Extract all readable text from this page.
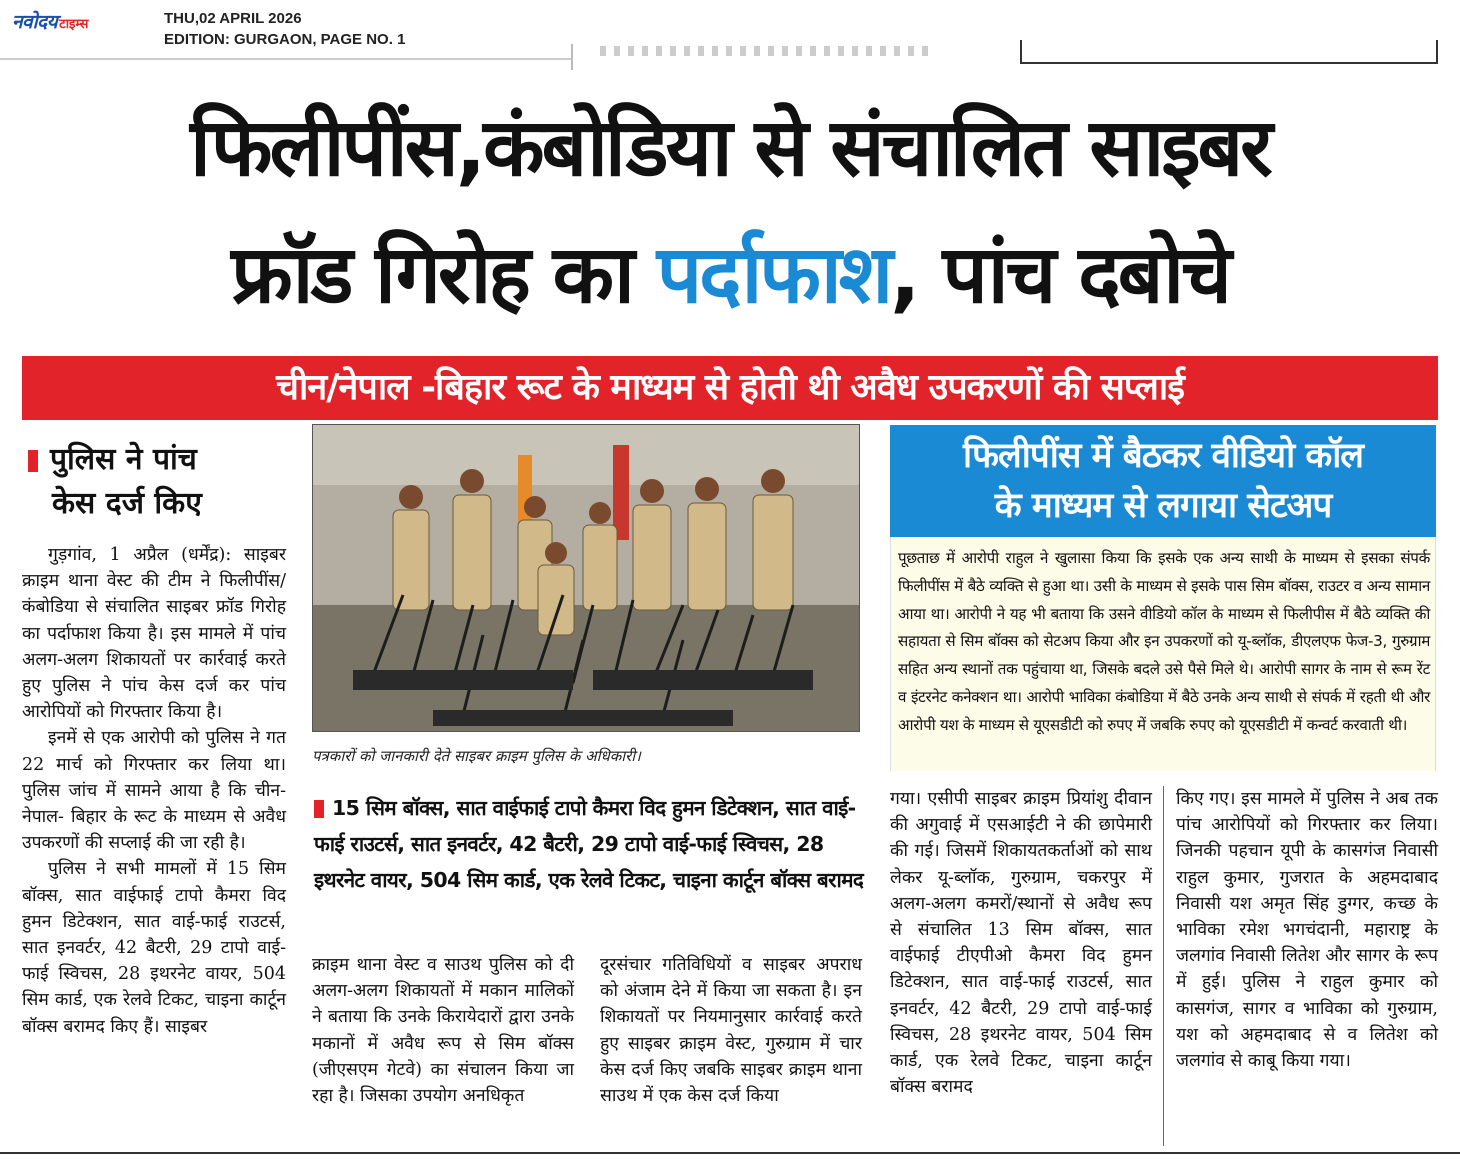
नवोदय टाइम्स	THU,02 APRIL 2026
EDITION: GURGAON, PAGE NO. 1
फिलीपींस,कंबोडिया से संचालित साइबर
फ्रॉड गिरोह का पर्दाफाश, पांच दबोचे
चीन/नेपाल -बिहार रूट के माध्यम से होती थी अवैध उपकरणों की सप्लाई
पुलिस ने पांच
केस दर्ज किए

गुड़गांव, 1 अप्रैल (धर्मेंद्र): साइबर क्राइम थाना वेस्ट की टीम ने फिलीपींस/कंबोडिया से संचालित साइबर फ्रॉड गिरोह का पर्दाफाश किया है। इस मामले में पांच अलग-अलग शिकायतों पर कार्रवाई करते हुए पुलिस ने पांच केस दर्ज कर पांच आरोपियों को गिरफ्तार किया है।

इनमें से एक आरोपी को पुलिस ने गत 22 मार्च को गिरफ्तार कर लिया था। पुलिस जांच में सामने आया है कि चीन-नेपाल- बिहार के रूट के माध्यम से अवैध उपकरणों की सप्लाई की जा रही है।

पुलिस ने सभी मामलों में 15 सिम बॉक्स, सात वाईफाई टापो कैमरा विद हुमन डिटेक्शन, सात वाई-फाई राउटर्स, सात इनवर्टर, 42 बैटरी, 29 टापो वाई-फाई स्विचस, 28 इथरनेट वायर, 504 सिम कार्ड, एक रेलवे टिकट, चाइना कार्टून बॉक्स बरामद किए हैं। साइबर

पत्रकारों को जानकारी देते साइबर क्राइम पुलिस के अधिकारी।
15 सिम बॉक्स, सात वाईफाई टापो कैमरा विद हुमन डिटेक्शन, सात वाई-फाई राउटर्स, सात इनवर्टर, 42 बैटरी, 29 टापो वाई-फाई स्विचस, 28 इथरनेट वायर, 504 सिम कार्ड, एक रेलवे टिकट, चाइना कार्टून बॉक्स बरामद
क्राइम थाना वेस्ट व साउथ पुलिस को दी अलग-अलग शिकायतों में मकान मालिकों ने बताया कि उनके किरायेदारों द्वारा उनके मकानों में अवैध रूप से सिम बॉक्स (जीएसएम गेटवे) का संचालन किया जा रहा है। जिसका उपयोग अनधिकृत
दूरसंचार गतिविधियों व साइबर अपराध को अंजाम देने में किया जा सकता है। इन शिकायतों पर नियमानुसार कार्रवाई करते हुए साइबर क्राइम वेस्ट, गुरुग्राम में चार केस दर्ज किए जबकि साइबर क्राइम थाना साउथ में एक केस दर्ज किया
फिलीपींस में बैठकर वीडियो कॉल
के माध्यम से लगाया सेटअप
पूछताछ में आरोपी राहुल ने खुलासा किया कि इसके एक अन्य साथी के माध्यम से इसका संपर्क फिलीपींस में बैठे व्यक्ति से हुआ था। उसी के माध्यम से इसके पास सिम बॉक्स, राउटर व अन्य सामान आया था। आरोपी ने यह भी बताया कि उसने वीडियो कॉल के माध्यम से फिलीपीस में बैठे व्यक्ति की सहायता से सिम बॉक्स को सेटअप किया और इन उपकरणों को यू-ब्लॉक, डीएलएफ फेज-3, गुरुग्राम सहित अन्य स्थानों तक पहुंचाया था, जिसके बदले उसे पैसे मिले थे। आरोपी सागर के नाम से रूम रेंट व इंटरनेट कनेक्शन था। आरोपी भाविका कंबोडिया में बैठे उनके अन्य साथी से संपर्क में रहती थी और आरोपी यश के माध्यम से यूएसडीटी को रुपए में जबकि रुपए को यूएसडीटी में कन्वर्ट करवाती थी।
गया। एसीपी साइबर क्राइम प्रियांशु दीवान की अगुवाई में एसआईटी ने की छापेमारी की गई। जिसमें शिकायतकर्ताओं को साथ लेकर यू-ब्लॉक, गुरुग्राम, चकरपुर में अलग-अलग कमरों/स्थानों से अवैध रूप से संचालित 13 सिम बॉक्स, सात वाईफाई टीएपीओ कैमरा विद हुमन डिटेक्शन, सात वाई-फाई राउटर्स, सात इनवर्टर, 42 बैटरी, 29 टापो वाई-फाई स्विचस, 28 इथरनेट वायर, 504 सिम कार्ड, एक रेलवे टिकट, चाइना कार्टून बॉक्स बरामद
किए गए। इस मामले में पुलिस ने अब तक पांच आरोपियों को गिरफ्तार कर लिया। जिनकी पहचान यूपी के कासगंज निवासी राहुल कुमार, गुजरात के अहमदाबाद निवासी यश अमृत सिंह डुग्गर, कच्छ के भाविका रमेश भगचंदानी, महाराष्ट्र के जलगांव निवासी लितेश और सागर के रूप में हुई। पुलिस ने राहुल कुमार को कासगंज, सागर व भाविका को गुरुग्राम, यश को अहमदाबाद से व लितेश को जलगांव से काबू किया गया।
